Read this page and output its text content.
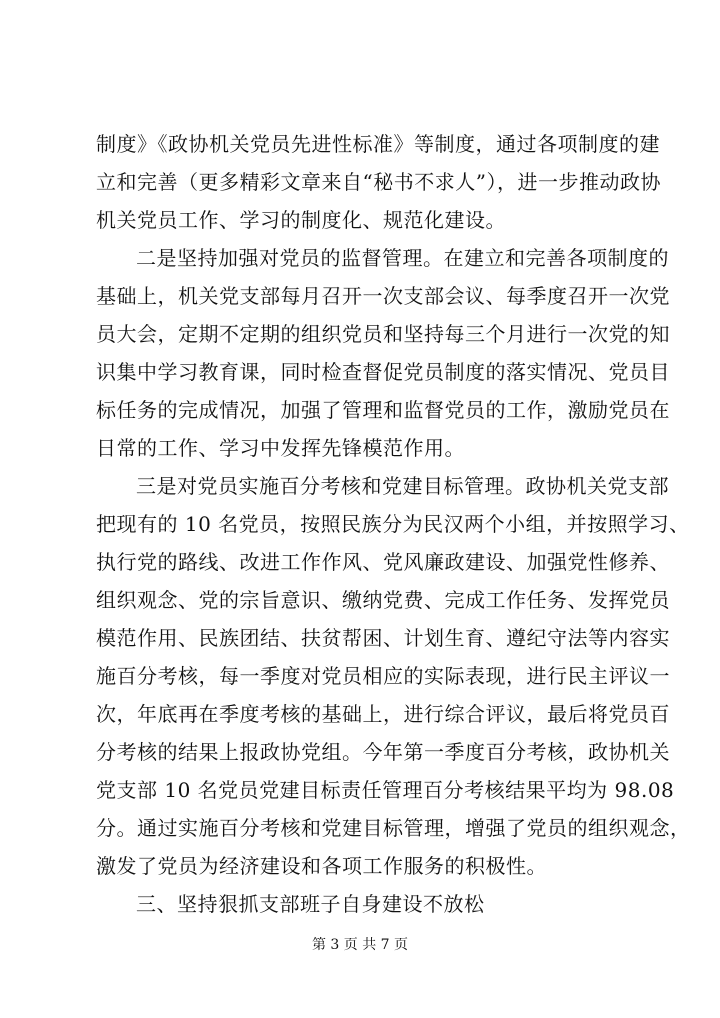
制度》《政协机关党员先进性标准》等制度，通过各项制度的建
立和完善（更多精彩文章来自“秘书不求人”），进一步推动政协
机关党员工作、学习的制度化、规范化建设。
二是坚持加强对党员的监督管理。在建立和完善各项制度的
基础上，机关党支部每月召开一次支部会议、每季度召开一次党
员大会，定期不定期的组织党员和坚持每三个月进行一次党的知
识集中学习教育课，同时检查督促党员制度的落实情况、党员目
标任务的完成情况，加强了管理和监督党员的工作，激励党员在
日常的工作、学习中发挥先锋模范作用。
三是对党员实施百分考核和党建目标管理。政协机关党支部
把现有的 10 名党员，按照民族分为民汉两个小组，并按照学习、
执行党的路线、改进工作作风、党风廉政建设、加强党性修养、
组织观念、党的宗旨意识、缴纳党费、完成工作任务、发挥党员
模范作用、民族团结、扶贫帮困、计划生育、遵纪守法等内容实
施百分考核，每一季度对党员相应的实际表现，进行民主评议一
次，年底再在季度考核的基础上，进行综合评议，最后将党员百
分考核的结果上报政协党组。今年第一季度百分考核，政协机关
党支部 10 名党员党建目标责任管理百分考核结果平均为 98.08
分。通过实施百分考核和党建目标管理，增强了党员的组织观念，
激发了党员为经济建设和各项工作服务的积极性。
三、坚持狠抓支部班子自身建设不放松
第 3 页 共 7 页
